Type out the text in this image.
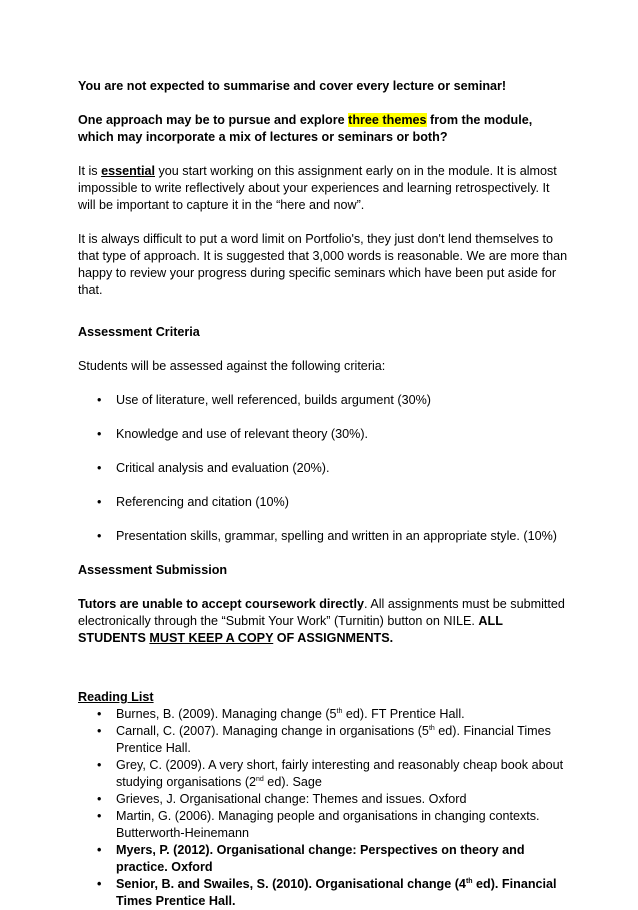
You are not expected to summarise and cover every lecture or seminar!

One approach may be to pursue and explore three themes from the module, which may incorporate a mix of lectures or seminars or both?

It is essential you start working on this assignment early on in the module. It is almost impossible to write reflectively about your experiences and learning retrospectively. It will be important to capture it in the “here and now”.

It is always difficult to put a word limit on Portfolio's, they just don't lend themselves to that type of approach. It is suggested that 3,000 words is reasonable. We are more than happy to review your progress during specific seminars which have been put aside for that.

Assessment Criteria

Students will be assessed against the following criteria:

• Use of literature, well referenced, builds argument (30%)
• Knowledge and use of relevant theory (30%).
• Critical analysis and evaluation (20%).
• Referencing and citation (10%)
• Presentation skills, grammar, spelling and written in an appropriate style. (10%)

Assessment Submission

Tutors are unable to accept coursework directly. All assignments must be submitted electronically through the “Submit Your Work” (Turnitin) button on NILE. ALL STUDENTS MUST KEEP A COPY OF ASSIGNMENTS.

Reading List

• Burnes, B. (2009). Managing change (5th ed). FT Prentice Hall.
• Carnall, C. (2007). Managing change in organisations (5th ed). Financial Times Prentice Hall.
• Grey, C. (2009). A very short, fairly interesting and reasonably cheap book about studying organisations (2nd ed). Sage
• Grieves, J. Organisational change: Themes and issues. Oxford
• Martin, G. (2006). Managing people and organisations in changing contexts. Butterworth-Heinemann
• Myers, P. (2012). Organisational change: Perspectives on theory and practice. Oxford
• Senior, B. and Swailes, S. (2010). Organisational change (4th ed). Financial Times Prentice Hall.
